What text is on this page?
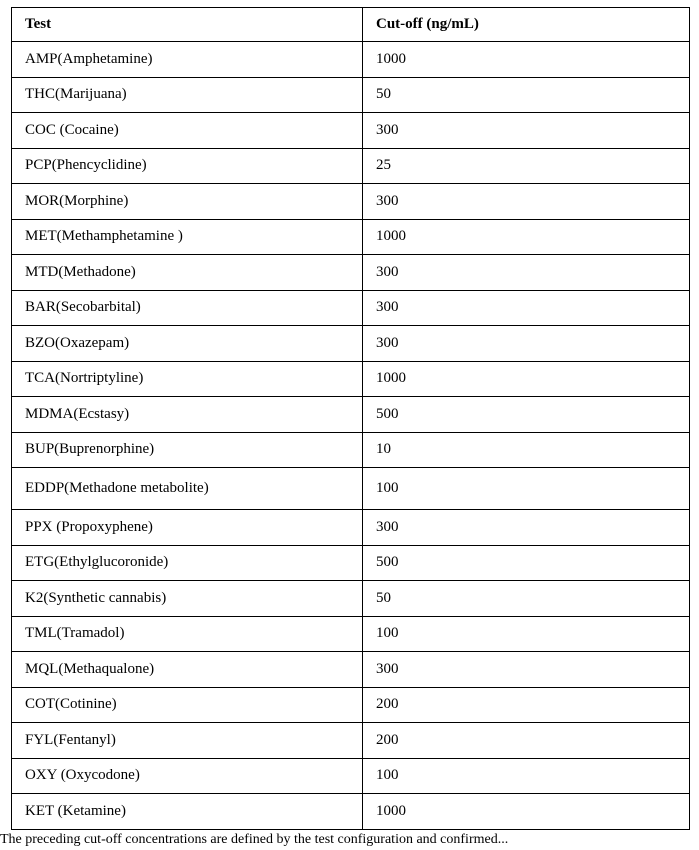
Test	Cut-off (ng/mL)
AMP(Amphetamine)	1000
THC(Marijuana)	50
COC (Cocaine)	300
PCP(Phencyclidine)	25
MOR(Morphine)	300
MET(Methamphetamine )	1000
MTD(Methadone)	300
BAR(Secobarbital)	300
BZO(Oxazepam)	300
TCA(Nortriptyline)	1000
MDMA(Ecstasy)	500
BUP(Buprenorphine)	10
EDDP(Methadone metabolite)	100
PPX (Propoxyphene)	300
ETG(Ethylglucoronide)	500
K2(Synthetic cannabis)	50
TML(Tramadol)	100
MQL(Methaqualone)	300
COT(Cotinine)	200
FYL(Fentanyl)	200
OXY (Oxycodone)	100
KET (Ketamine)	1000
The preceding cut-off concentrations are defined by the test configuration and confirmed...
